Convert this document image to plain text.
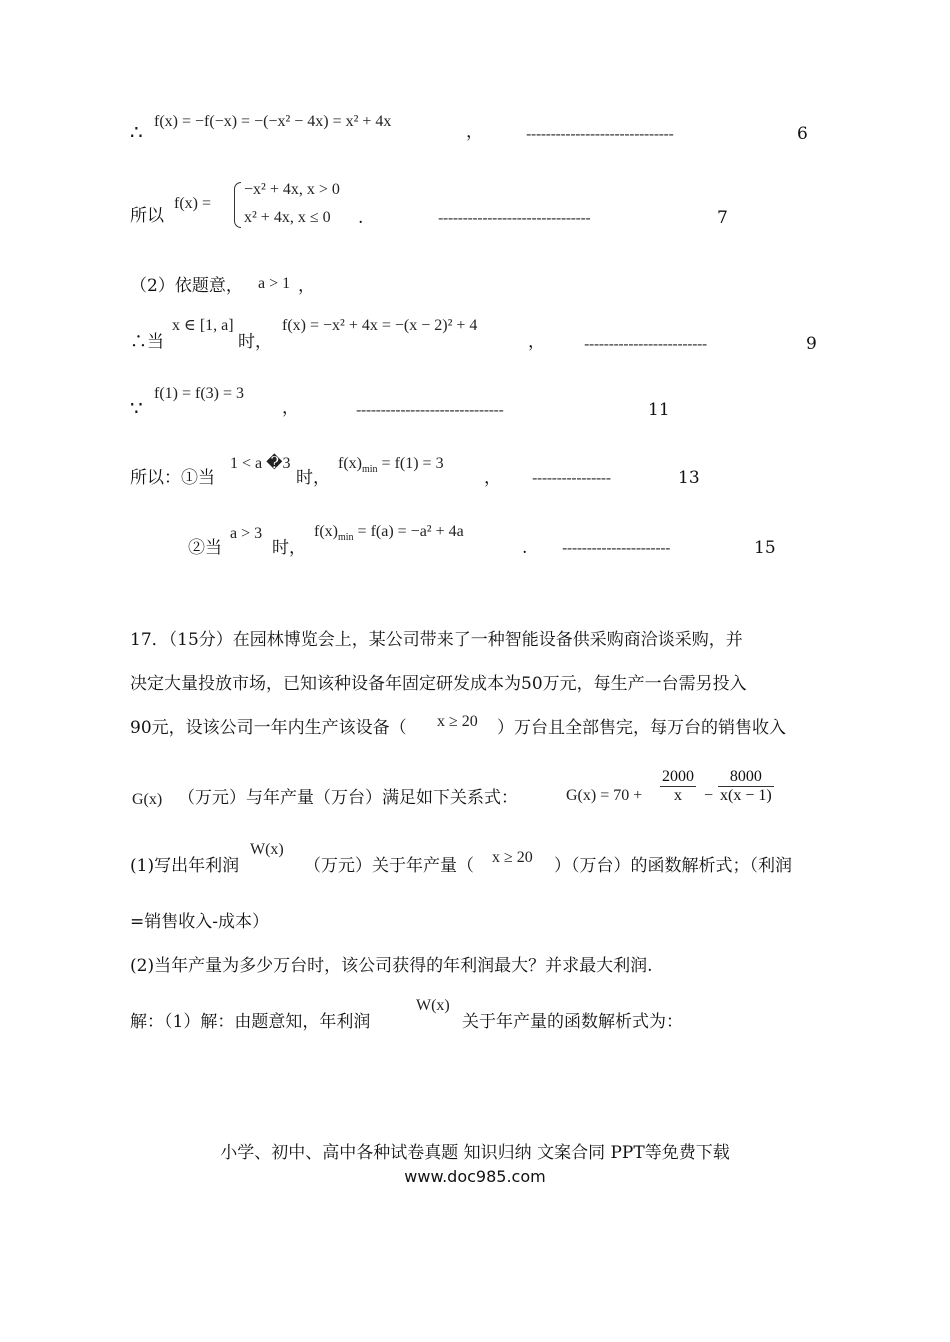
∴ f(x) = −f(−x) = −(−x² − 4x) = x² + 4x
，	------------------------------	6
所以
f(x) =
−x² + 4x, x > 0
x² + 4x, x ≤ 0 .	-------------------------------	7
（2）依题意， a > 1 ，
∴当
x ∈ [1, a]
时，
f(x) = −x² + 4x = −(x − 2)² + 4
，	-------------------------	9
∵
f(1) = f(3) = 3
，	------------------------------	11
所以：①当
1 < a �3
时，
$f(x)_{min} = f(1) = 3$
， ----------------	13
②当
a > 3
时，
$f(x)_{min} = f(a) = -a^2 + 4a$
. ----------------------	15
17．（15分）在园林博览会上，某公司带来了一种智能设备供采购商洽谈采购，并
决定大量投放市场，已知该种设备年固定研发成本为50万元，每生产一台需另投入
90元，设该公司一年内生产该设备（ x ≥ 20 ）万台且全部售完，每万台的销售收入
G(x) （万元）与年产量（万台）满足如下关系式：	$G(x) = 70 + \frac{2000}{x} - \frac{8000}{x(x - 1)}$
(1)写出年利润
W(x)
（万元）关于年产量（ x ≥ 20 ）（万台）的函数解析式；（利润
=销售收入-成本）
(2)当年产量为多少万台时，该公司获得的年利润最大？并求最大利润.
解：（1）解：由题意知，年利润
W(x)
关于年产量的函数解析式为：
小学、初中、高中各种试卷真题 知识归纳 文案合同 PPT等免费下载
www.doc985.com
